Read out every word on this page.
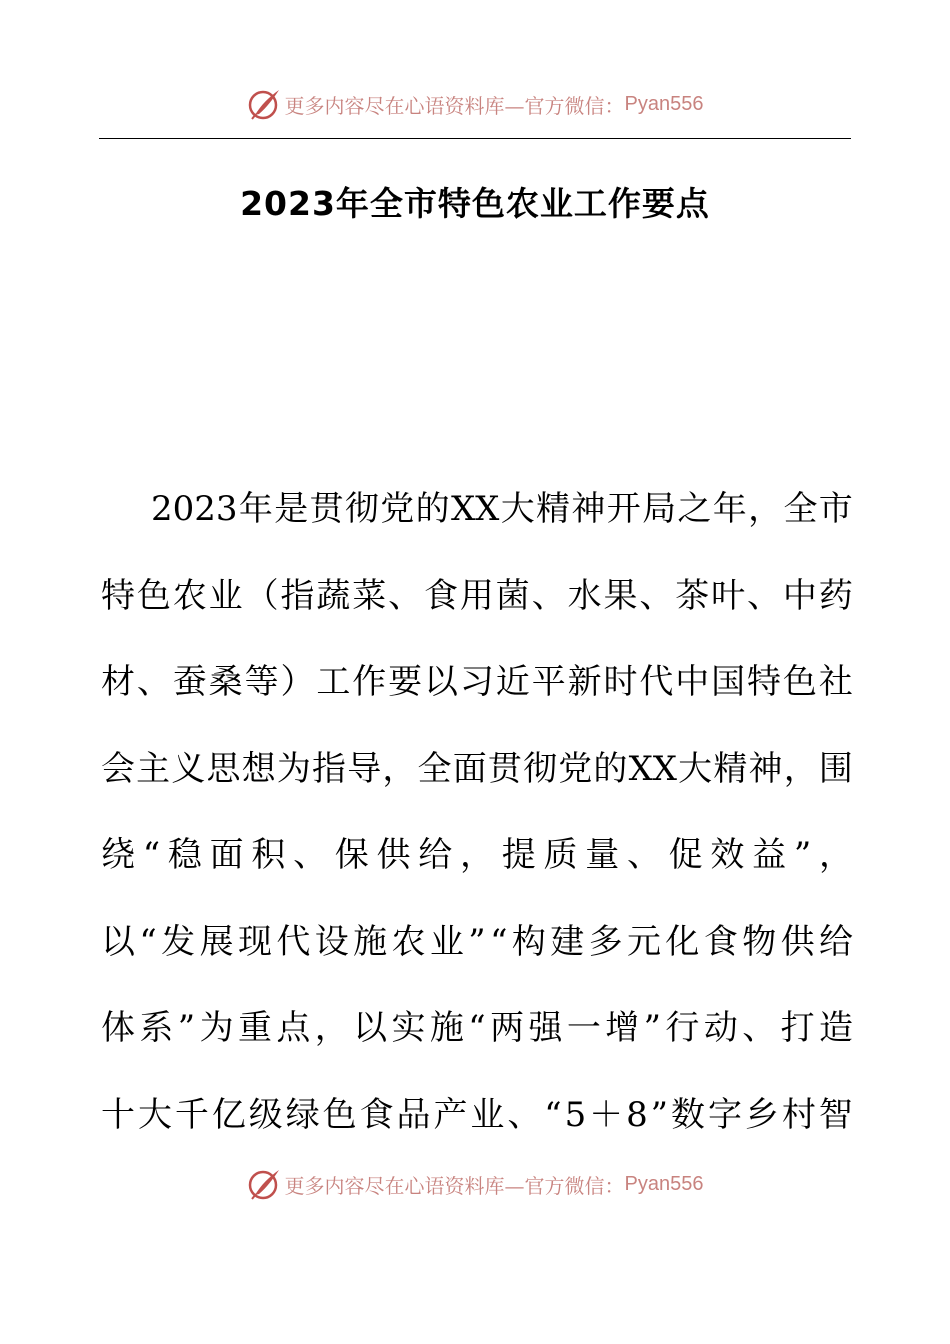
更多内容尽在心语资料库—官方微信： Pyan556
2023年全市特色农业工作要点
2023 年 是 贯 彻 党 的 XX 大 精 神 开 局 之 年 ， 全 市
特 色 农 业 （ 指 蔬 菜 、 食 用 菌 、 水 果 、 茶 叶 、 中 药
材 、 蚕 桑 等 ） 工 作 要 以 习 近 平 新 时 代 中 国 特 色 社
会 主 义 思 想 为 指 导 ， 全 面 贯 彻 党 的 XX 大 精 神 ， 围
绕 “ 稳 面 积 、 保 供 给 ， 提 质 量 、 促 效 益 ” ，
以 “ 发 展 现 代 设 施 农 业 ” “ 构 建 多 元 化 食 物 供 给
体 系 ” 为 重 点 ， 以 实 施 “ 两 强 一 增 ” 行 动 、 打 造
十 大 千 亿 级 绿 色 食 品 产 业 、 “ 5 ＋ 8 ” 数 字 乡 村 智
更多内容尽在心语资料库—官方微信： Pyan556
